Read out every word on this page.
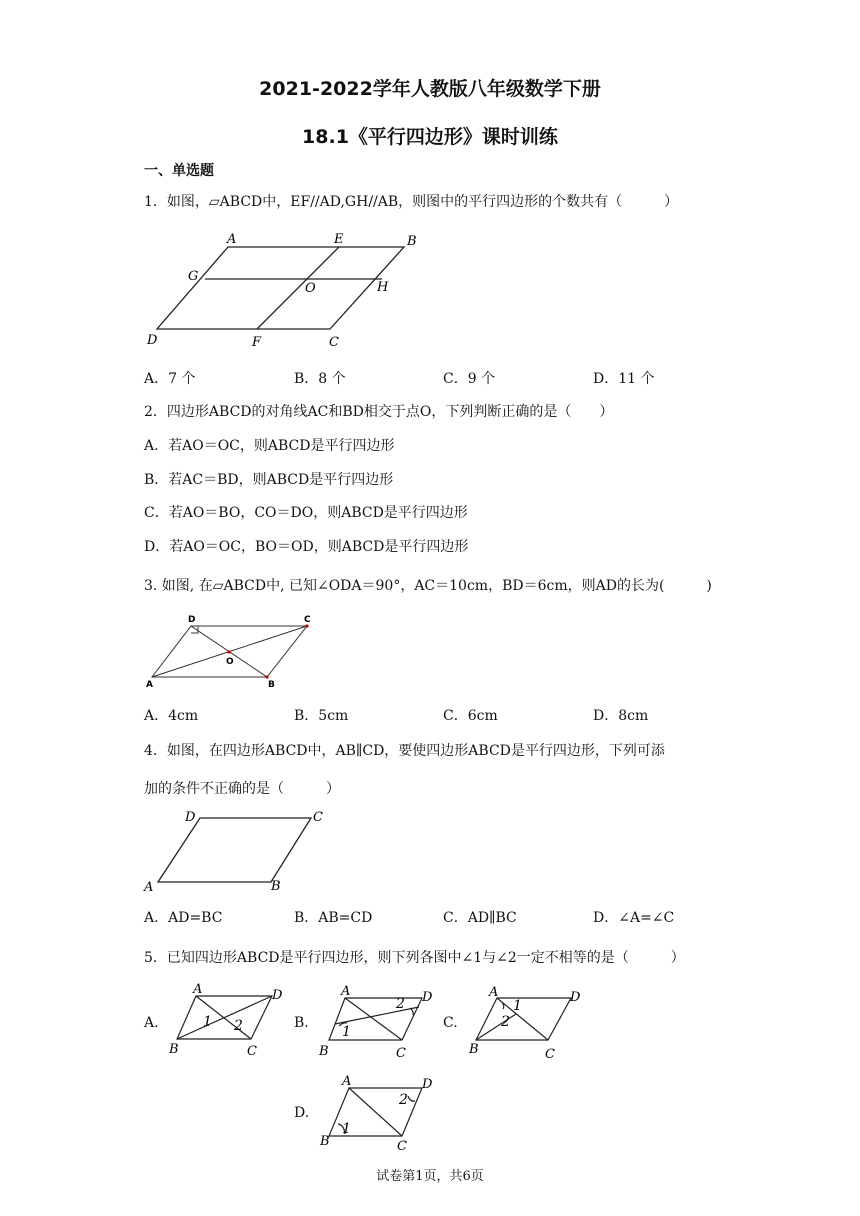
2021-2022学年人教版八年级数学下册
18.1《平行四边形》课时训练
一、单选题
1．如图，▱ABCD中，EF//AD,GH//AB，则图中的平行四边形的个数共有（　　　）
A	E	B
G
O	H
D	F	C
A．7 个	B．8 个	C．9 个	D．11 个
2．四边形ABCD的对角线AC和BD相交于点O，下列判断正确的是（　　）
A．若AO＝OC，则ABCD是平行四边形
B．若AC＝BD，则ABCD是平行四边形
C．若AO＝BO，CO＝DO，则ABCD是平行四边形
D．若AO＝OC，BO＝OD，则ABCD是平行四边形
3. 如图, 在▱ABCD中, 已知∠ODA＝90°，AC＝10cm，BD＝6cm，则AD的长为(　　　)
D	C
O
A	B
A．4cm	B．5cm	C．6cm	D．8cm
4．如图，在四边形ABCD中，AB∥CD，要使四边形ABCD是平行四边形，下列可添
加的条件不正确的是（　　　）
D	C
A	B
A．AD=BC	B．AB=CD	C．AD∥BC	D．∠A=∠C
5．已知四边形ABCD是平行四边形，则下列各图中∠1与∠2一定不相等的是（　　　）
A.
A	D
B	C
1 2	B.
A	D
B	C
1
2
C.
A	D
B	C
1
2
D.
A	D
B	C
1
2
试卷第1页，共6页
